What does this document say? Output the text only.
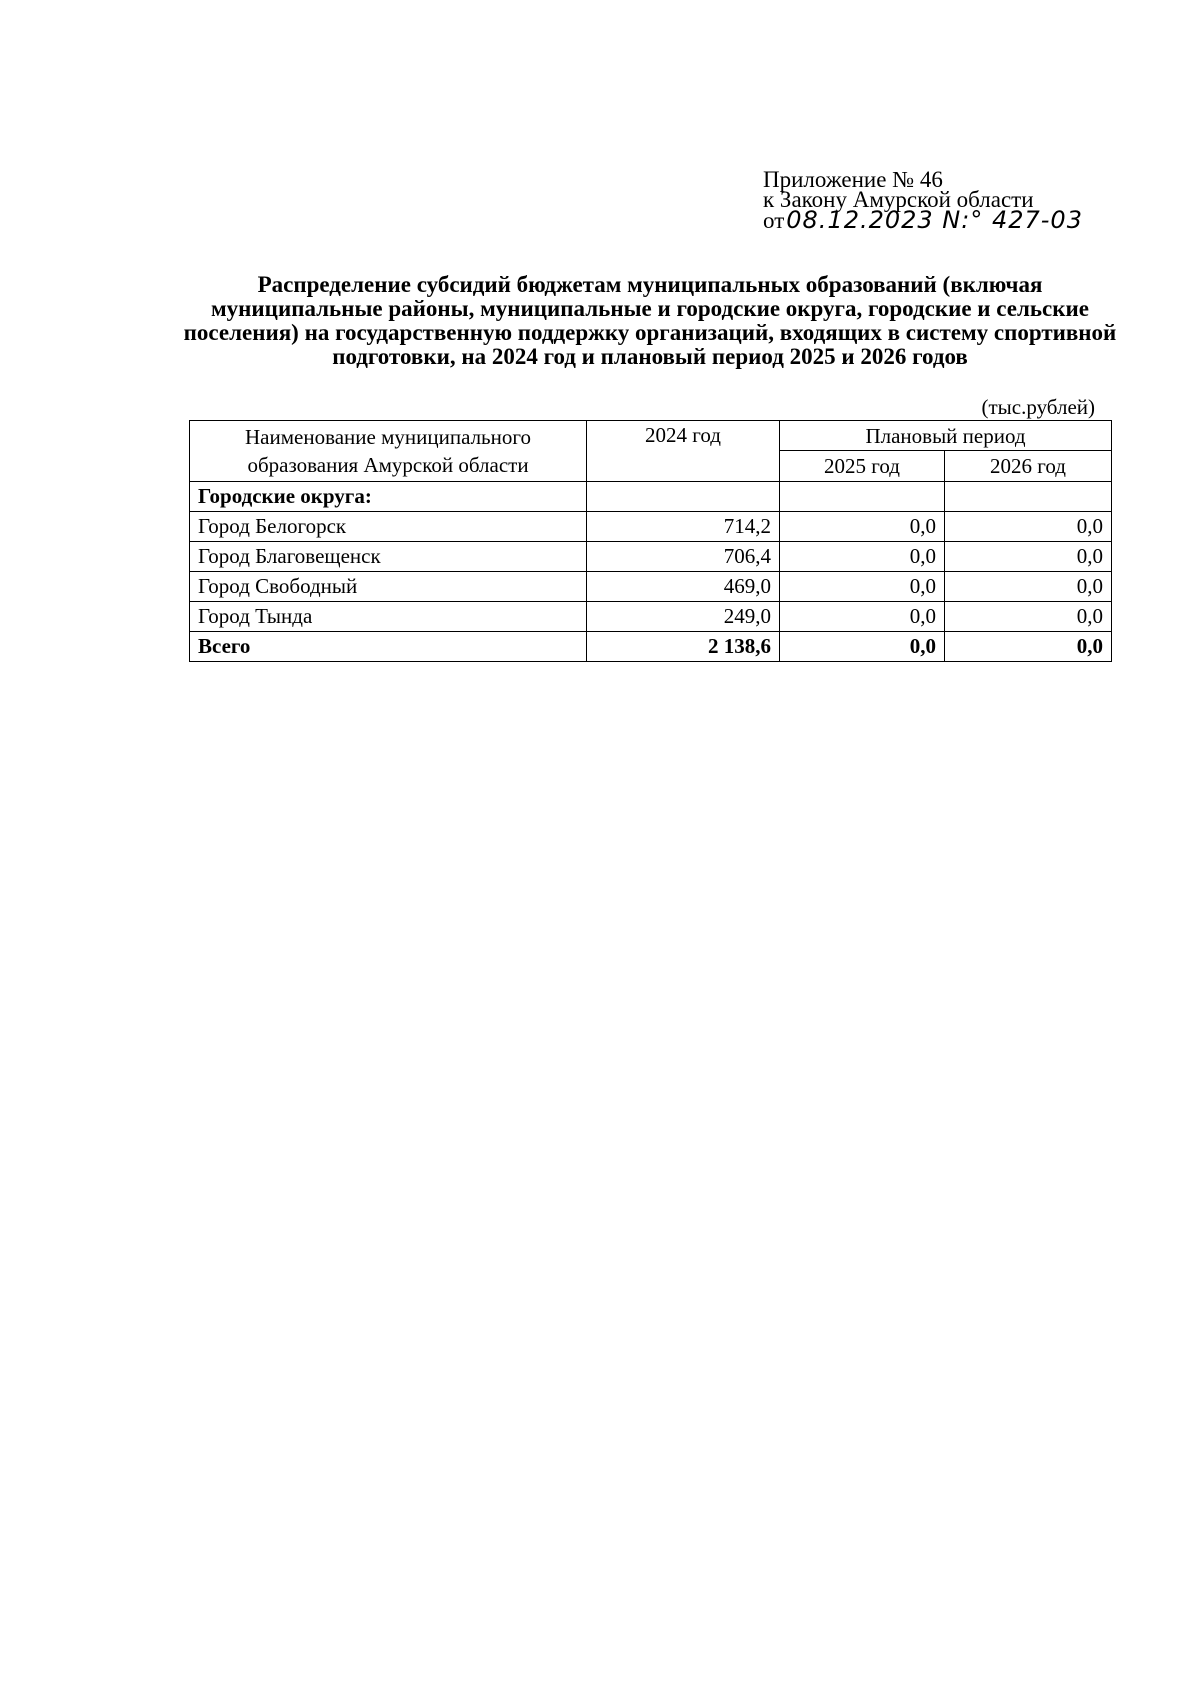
Приложение № 46
к Закону Амурской области
от08.12.2023 N:° 427-03
Распределение субсидий бюджетам муниципальных образований (включая муниципальные районы, муниципальные и городские округа, городские и сельские поселения) на государственную поддержку организаций, входящих в систему спортивной подготовки, на 2024 год и плановый период 2025 и 2026 годов
(тыс.рублей)
Наименование муниципального образования Амурской области	2024 год	Плановый период	
		2025 год	2026 год
Городские округа:			
Город Белогорск	714,2	0,0	0,0
Город Благовещенск	706,4	0,0	0,0
Город Свободный	469,0	0,0	0,0
Город Тында	249,0	0,0	0,0
Всего	2 138,6	0,0	0,0
